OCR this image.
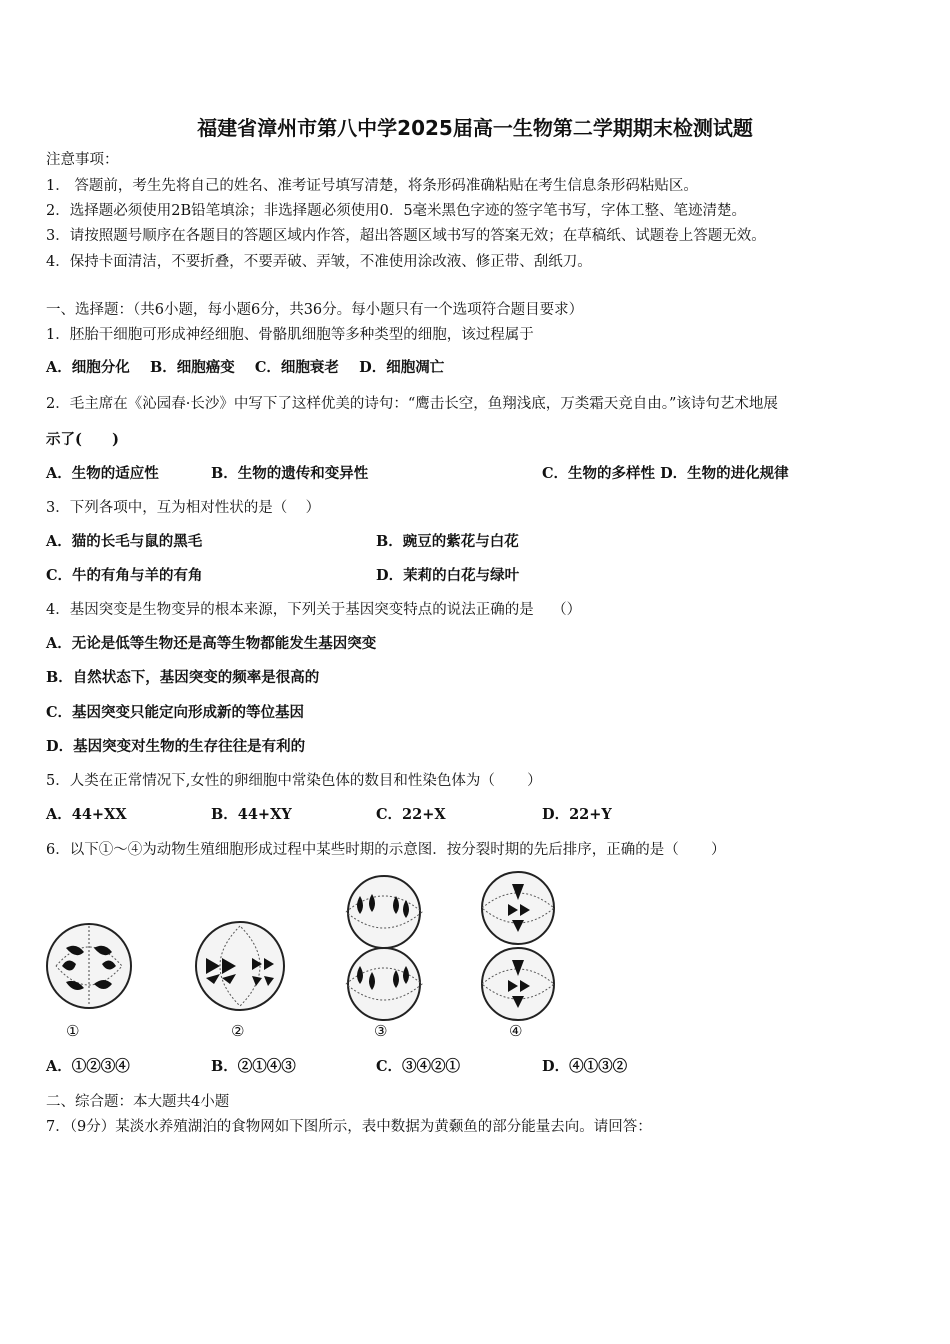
福建省漳州市第八中学2025届高一生物第二学期期末检测试题
注意事项：
1． 答题前，考生先将自己的姓名、准考证号填写清楚，将条形码准确粘贴在考生信息条形码粘贴区。
2．选择题必须使用2B铅笔填涂；非选择题必须使用0．5毫米黑色字迹的签字笔书写，字体工整、笔迹清楚。
3．请按照题号顺序在各题目的答题区域内作答，超出答题区域书写的答案无效；在草稿纸、试题卷上答题无效。
4．保持卡面清洁，不要折叠，不要弄破、弄皱，不准使用涂改液、修正带、刮纸刀。
一、选择题：（共6小题，每小题6分，共36分。每小题只有一个选项符合题目要求）
1．胚胎干细胞可形成神经细胞、骨骼肌细胞等多种类型的细胞，该过程属于
A．细胞分化    B．细胞癌变    C．细胞衰老    D．细胞凋亡
2．毛主席在《沁园春·长沙》中写下了这样优美的诗句：“鹰击长空，鱼翔浅底，万类霜天竞自由。”该诗句艺术地展
示了(      )
A．生物的适应性	B．生物的遗传和变异性	C．生物的多样性 D．生物的进化规律
3．下列各项中，互为相对性状的是（    ）
A．猫的长毛与鼠的黑毛	B．豌豆的紫花与白花
C．牛的有角与羊的有角	D．茉莉的白花与绿叶
4．基因突变是生物变异的根本来源，下列关于基因突变特点的说法正确的是    （）
A．无论是低等生物还是高等生物都能发生基因突变
B．自然状态下，基因突变的频率是很高的
C．基因突变只能定向形成新的等位基因
D．基因突变对生物的生存往往是有利的
5．人类在正常情况下,女性的卵细胞中常染色体的数目和性染色体为（       ）
A．44+XX	B．44+XY	C．22+X	D．22+Y
6．以下①～④为动物生殖细胞形成过程中某些时期的示意图．按分裂时期的先后排序，正确的是（       ）
①	②	③	④
A．①②③④	B．②①④③	C．③④②①	D．④①③②
二、综合题：本大题共4小题
7．（9分）某淡水养殖湖泊的食物网如下图所示，表中数据为黄颡鱼的部分能量去向。请回答：
